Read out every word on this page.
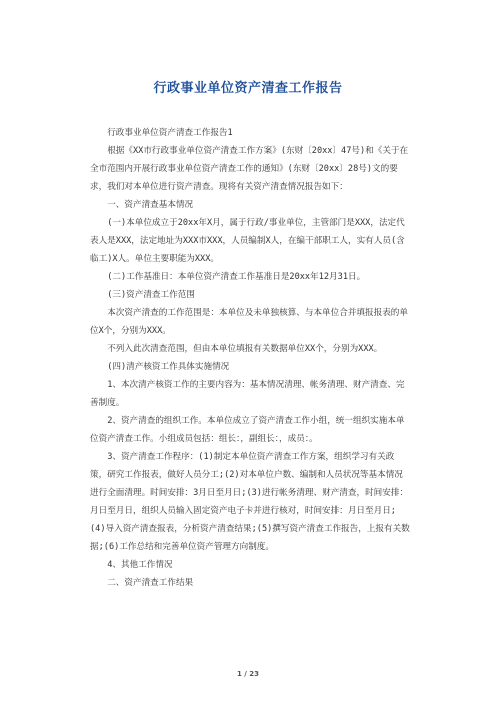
行政事业单位资产清查工作报告

行政事业单位资产清查工作报告1

根据《XX市行政事业单位资产清查工作方案》(东财〔20xx〕47号)和《关于在全市范围内开展行政事业单位资产清查工作的通知》(东财〔20xx〕28号)文的要求，我们对本单位进行资产清查。现将有关资产清查情况报告如下：

一、资产清查基本情况

(一)本单位成立于20xx年X月，属于行政/事业单位，主管部门是XXX，法定代表人是XXX，法定地址为XXX市XXX，人员编制X人，在编干部职工人，实有人员(含临工)X人。单位主要职能为XXX。

(二)工作基准日：本单位资产清查工作基准日是20xx年12月31日。

(三)资产清查工作范围

本次资产清查的工作范围是：本单位及未单独核算、与本单位合并填报报表的单位X个，分别为XXX。

不列入此次清查范围，但由本单位填报有关数据单位XX个，分别为XXX。

(四)清产核资工作具体实施情况

1、本次清产核资工作的主要内容为：基本情况清理、帐务清理、财产清查、完善制度。

2、资产清查的组织工作。本单位成立了资产清查工作小组，统一组织实施本单位资产清查工作。小组成员包括：组长：，副组长：，成员：。

3、资产清查工作程序：(1)制定本单位资产清查工作方案，组织学习有关政策，研究工作报表，做好人员分工;(2)对本单位户数、编制和人员状况等基本情况进行全面清理。时间安排：3月日至月日;(3)进行帐务清理、财产清查，时间安排：月日至月日，组织人员输入固定资产电子卡并进行核对，时间安排：月日至月日;(4)导入资产清查报表，分析资产清查结果;(5)撰写资产清查工作报告，上报有关数据;(6)工作总结和完善单位资产管理方向制度。

4、其他工作情况

二、资产清查工作结果

1 / 23
